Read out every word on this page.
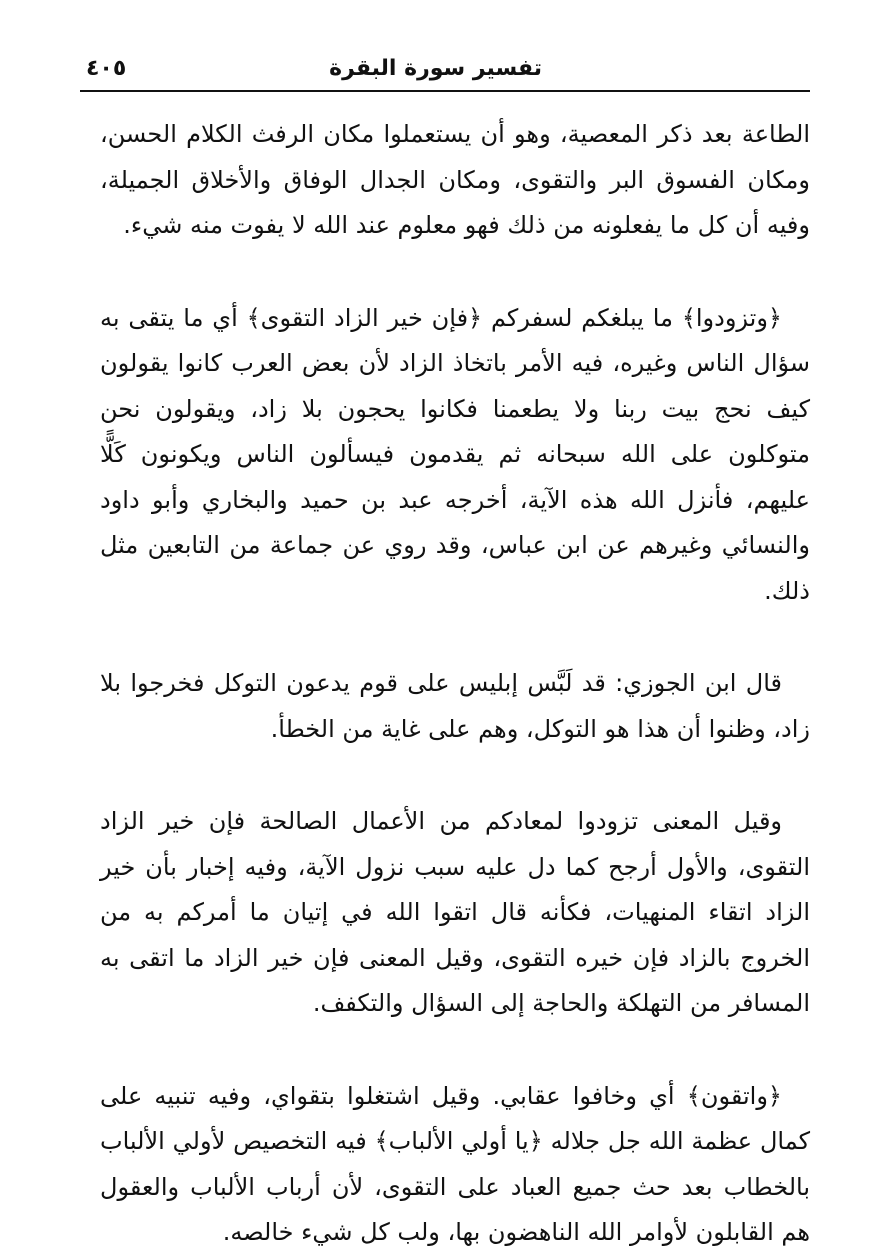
تفسير سورة البقرة
٤٠٥

الطاعة بعد ذكر المعصية، وهو أن يستعملوا مكان الرفث الكلام الحسن، ومكان الفسوق البر والتقوى، ومكان الجدال الوفاق والأخلاق الجميلة، وفيه أن كل ما يفعلونه من ذلك فهو معلوم عند الله لا يفوت منه شيء.

﴿وتزودوا﴾ ما يبلغكم لسفركم ﴿فإن خير الزاد التقوى﴾ أي ما يتقى به سؤال الناس وغيره، فيه الأمر باتخاذ الزاد لأن بعض العرب كانوا يقولون كيف نحج بيت ربنا ولا يطعمنا فكانوا يحجون بلا زاد، ويقولون نحن متوكلون على الله سبحانه ثم يقدمون فيسألون الناس ويكونون كَلًّا عليهم، فأنزل الله هذه الآية، أخرجه عبد بن حميد والبخاري وأبو داود والنسائي وغيرهم عن ابن عباس، وقد روي عن جماعة من التابعين مثل ذلك.

قال ابن الجوزي: قد لَبَّس إبليس على قوم يدعون التوكل فخرجوا بلا زاد، وظنوا أن هذا هو التوكل، وهم على غاية من الخطأ.

وقيل المعنى تزودوا لمعادكم من الأعمال الصالحة فإن خير الزاد التقوى، والأول أرجح كما دل عليه سبب نزول الآية، وفيه إخبار بأن خير الزاد اتقاء المنهيات، فكأنه قال اتقوا الله في إتيان ما أمركم به من الخروج بالزاد فإن خيره التقوى، وقيل المعنى فإن خير الزاد ما اتقى به المسافر من التهلكة والحاجة إلى السؤال والتكفف.

﴿واتقون﴾ أي وخافوا عقابي. وقيل اشتغلوا بتقواي، وفيه تنبيه على كمال عظمة الله جل جلاله ﴿يا أولي الألباب﴾ فيه التخصيص لأولي الألباب بالخطاب بعد حث جميع العباد على التقوى، لأن أرباب الألباب والعقول هم القابلون لأوامر الله الناهضون بها، ولب كل شيء خالصه.
